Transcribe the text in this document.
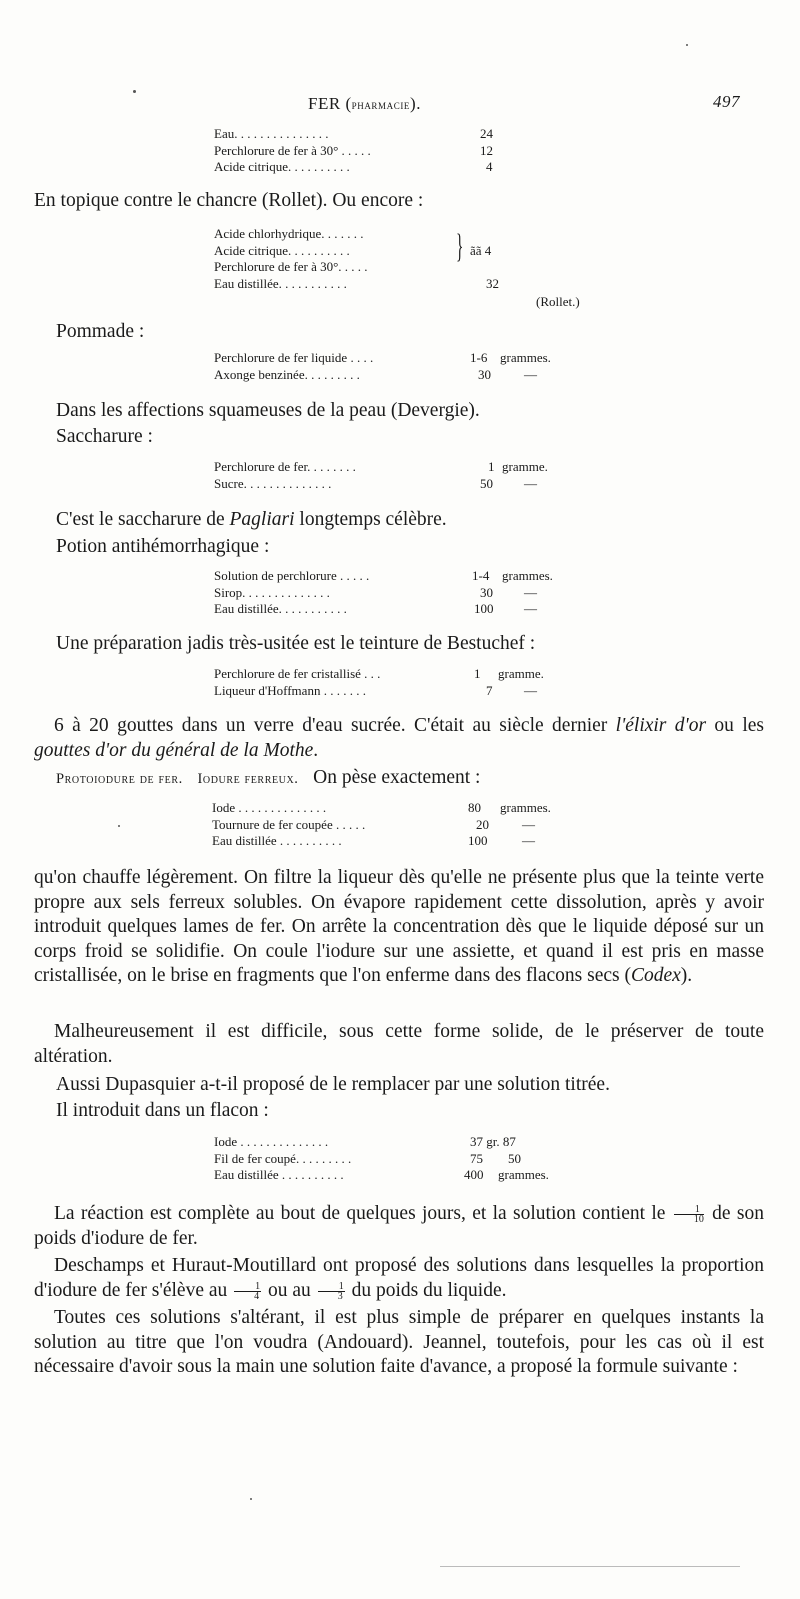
FER (pharmacie).	497
Eau. . . . . . . . . . . . . . .	24
Perchlorure de fer à 30° . . . . .	12
Acide citrique. . . . . . . . . .	4
En topique contre le chancre (Rollet). Ou encore :
Acide chlorhydrique. . . . . . .
Acide citrique. . . . . . . . . .
Perchlorure de fer à 30°. . . . .
Eau distillée. . . . . . . . . . .	32
} ãã 4
(Rollet.)
Pommade :
Perchlorure de fer liquide . . . .	1-6 grammes.
Axonge benzinée. . . . . . . . .	30	—
Dans les affections squameuses de la peau (Devergie).
Saccharure :
Perchlorure de fer. . . . . . . .	1 gramme.
Sucre. . . . . . . . . . . . . .	50 —
C'est le saccharure de Pagliari longtemps célèbre.
Potion antihémorrhagique :
Solution de perchlorure . . . . .	1-4 grammes.
Sirop. . . . . . . . . . . . . .	30 —
Eau distillée. . . . . . . . . . .	100 —
Une préparation jadis très-usitée est le teinture de Bestuchef :
Perchlorure de fer cristallisé . . .	1 gramme.
Liqueur d'Hoffmann . . . . . . .	7 —
6 à 20 gouttes dans un verre d'eau sucrée. C'était au siècle dernier l'élixir d'or ou les gouttes d'or du général de la Mothe.
Protoiodure de fer. Iodure ferreux. On pèse exactement :
Iode . . . . . . . . . . . . . .	80 grammes.
Tournure de fer coupée . . . . .	20	—
Eau distillée . . . . . . . . . .	100	—
qu'on chauffe légèrement. On filtre la liqueur dès qu'elle ne présente plus que la teinte verte propre aux sels ferreux solubles. On évapore rapidement cette dissolution, après y avoir introduit quelques lames de fer. On arrête la concentration dès que le liquide déposé sur un corps froid se solidifie. On coule l'iodure sur une assiette, et quand il est pris en masse cristallisée, on le brise en fragments que l'on enferme dans des flacons secs (Codex).
Malheureusement il est difficile, sous cette forme solide, de le préserver de toute altération.
Aussi Dupasquier a-t-il proposé de le remplacer par une solution titrée.
Il introduit dans un flacon :
Iode . . . . . . . . . . . . . .	37 gr. 87
Fil de fer coupé. . . . . . . . .	75 50
Eau distillée . . . . . . . . . .	400 grammes.
La réaction est complète au bout de quelques jours, et la solution contient le $\frac{1}{10}$ de son poids d'iodure de fer.
Deschamps et Huraut-Moutillard ont proposé des solutions dans lesquelles la proportion d'iodure de fer s'élève au $\frac{1}{4}$ ou au $\frac{1}{3}$ du poids du liquide.
Toutes ces solutions s'altérant, il est plus simple de préparer en quelques instants la solution au titre que l'on voudra (Andouard). Jeannel, toutefois, pour les cas où il est nécessaire d'avoir sous la main une solution faite d'avance, a proposé la formule suivante :
